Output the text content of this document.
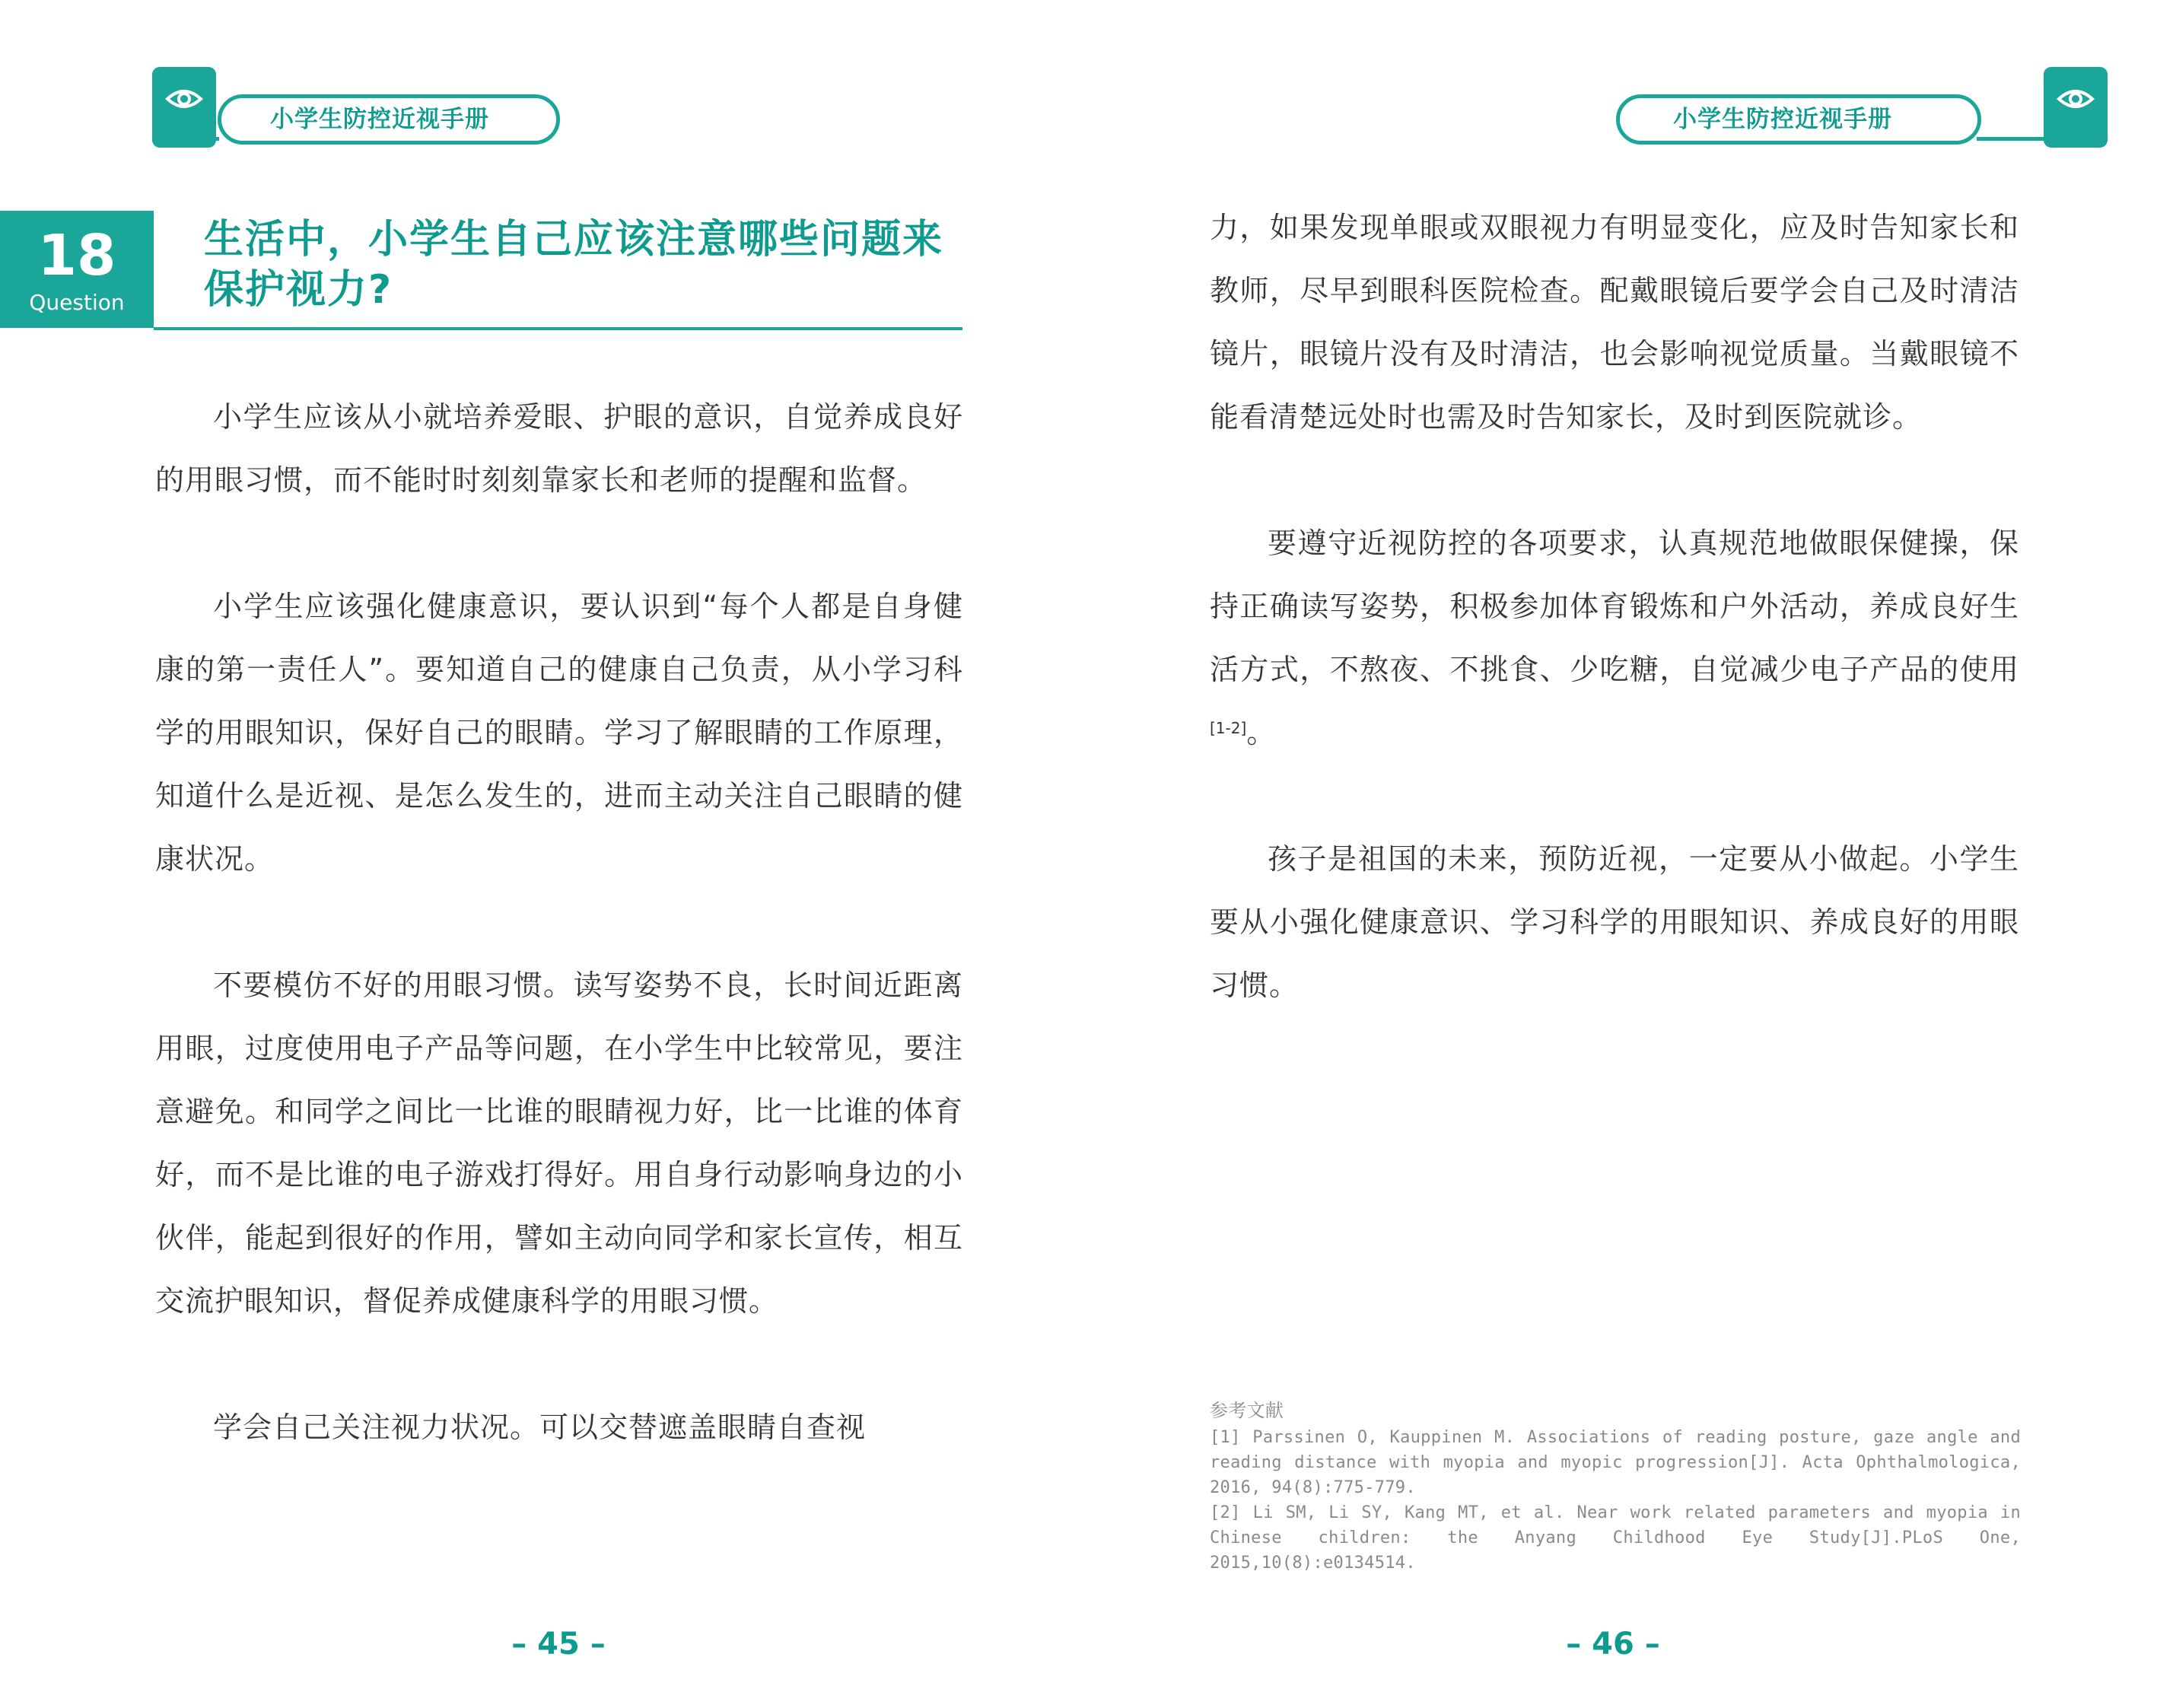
小学生防控近视手册
18
Question
生活中，小学生自己应该注意哪些问题来保护视力?

小学生应该从小就培养爱眼、护眼的意识，自觉养成良好的用眼习惯，而不能时时刻刻靠家长和老师的提醒和监督。

小学生应该强化健康意识，要认识到“每个人都是自身健康的第一责任人”。要知道自己的健康自己负责，从小学习科学的用眼知识，保好自己的眼睛。学习了解眼睛的工作原理，知道什么是近视、是怎么发生的，进而主动关注自己眼睛的健康状况。

不要模仿不好的用眼习惯。读写姿势不良，长时间近距离用眼，过度使用电子产品等问题，在小学生中比较常见，要注意避免。和同学之间比一比谁的眼睛视力好，比一比谁的体育好，而不是比谁的电子游戏打得好。用自身行动影响身边的小伙伴，能起到很好的作用，譬如主动向同学和家长宣传，相互交流护眼知识，督促养成健康科学的用眼习惯。

学会自己关注视力状况。可以交替遮盖眼睛自查视

– 45 –
小学生防控近视手册

力，如果发现单眼或双眼视力有明显变化，应及时告知家长和教师，尽早到眼科医院检查。配戴眼镜后要学会自己及时清洁镜片，眼镜片没有及时清洁，也会影响视觉质量。当戴眼镜不能看清楚远处时也需及时告知家长，及时到医院就诊。

要遵守近视防控的各项要求，认真规范地做眼保健操，保持正确读写姿势，积极参加体育锻炼和户外活动，养成良好生活方式，不熬夜、不挑食、少吃糖，自觉减少电子产品的使用[1-2]。

孩子是祖国的未来，预防近视，一定要从小做起。小学生要从小强化健康意识、学习科学的用眼知识、养成良好的用眼习惯。

– 46 –
参考文献
[1] Parssinen O, Kauppinen M. Associations of reading posture, gaze angle and reading distance with myopia and myopic progression[J]. Acta Ophthalmologica, 2016, 94(8):775-779.
[2] Li SM, Li SY, Kang MT, et al. Near work related parameters and myopia in Chinese children: the Anyang Childhood Eye Study[J].PLoS One, 2015,10(8):e0134514.
